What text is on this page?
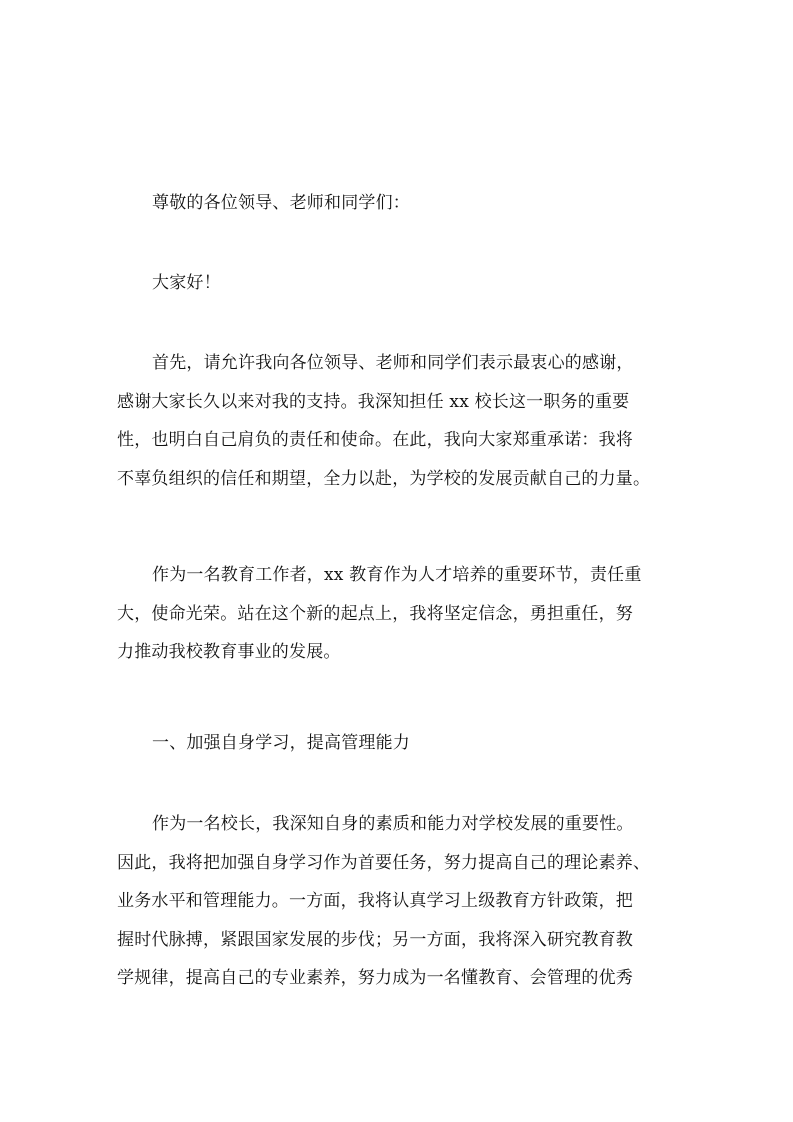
尊敬的各位领导、老师和同学们：
大家好！
首先，请允许我向各位领导、老师和同学们表示最衷心的感谢，
感谢大家长久以来对我的支持。我深知担任 xx 校长这一职务的重要
性，也明白自己肩负的责任和使命。在此，我向大家郑重承诺：我将
不辜负组织的信任和期望，全力以赴，为学校的发展贡献自己的力量。
作为一名教育工作者，xx 教育作为人才培养的重要环节，责任重
大，使命光荣。站在这个新的起点上，我将坚定信念，勇担重任，努
力推动我校教育事业的发展。
一、加强自身学习，提高管理能力
作为一名校长，我深知自身的素质和能力对学校发展的重要性。
因此，我将把加强自身学习作为首要任务，努力提高自己的理论素养、
业务水平和管理能力。一方面，我将认真学习上级教育方针政策，把
握时代脉搏，紧跟国家发展的步伐；另一方面，我将深入研究教育教
学规律，提高自己的专业素养，努力成为一名懂教育、会管理的优秀
